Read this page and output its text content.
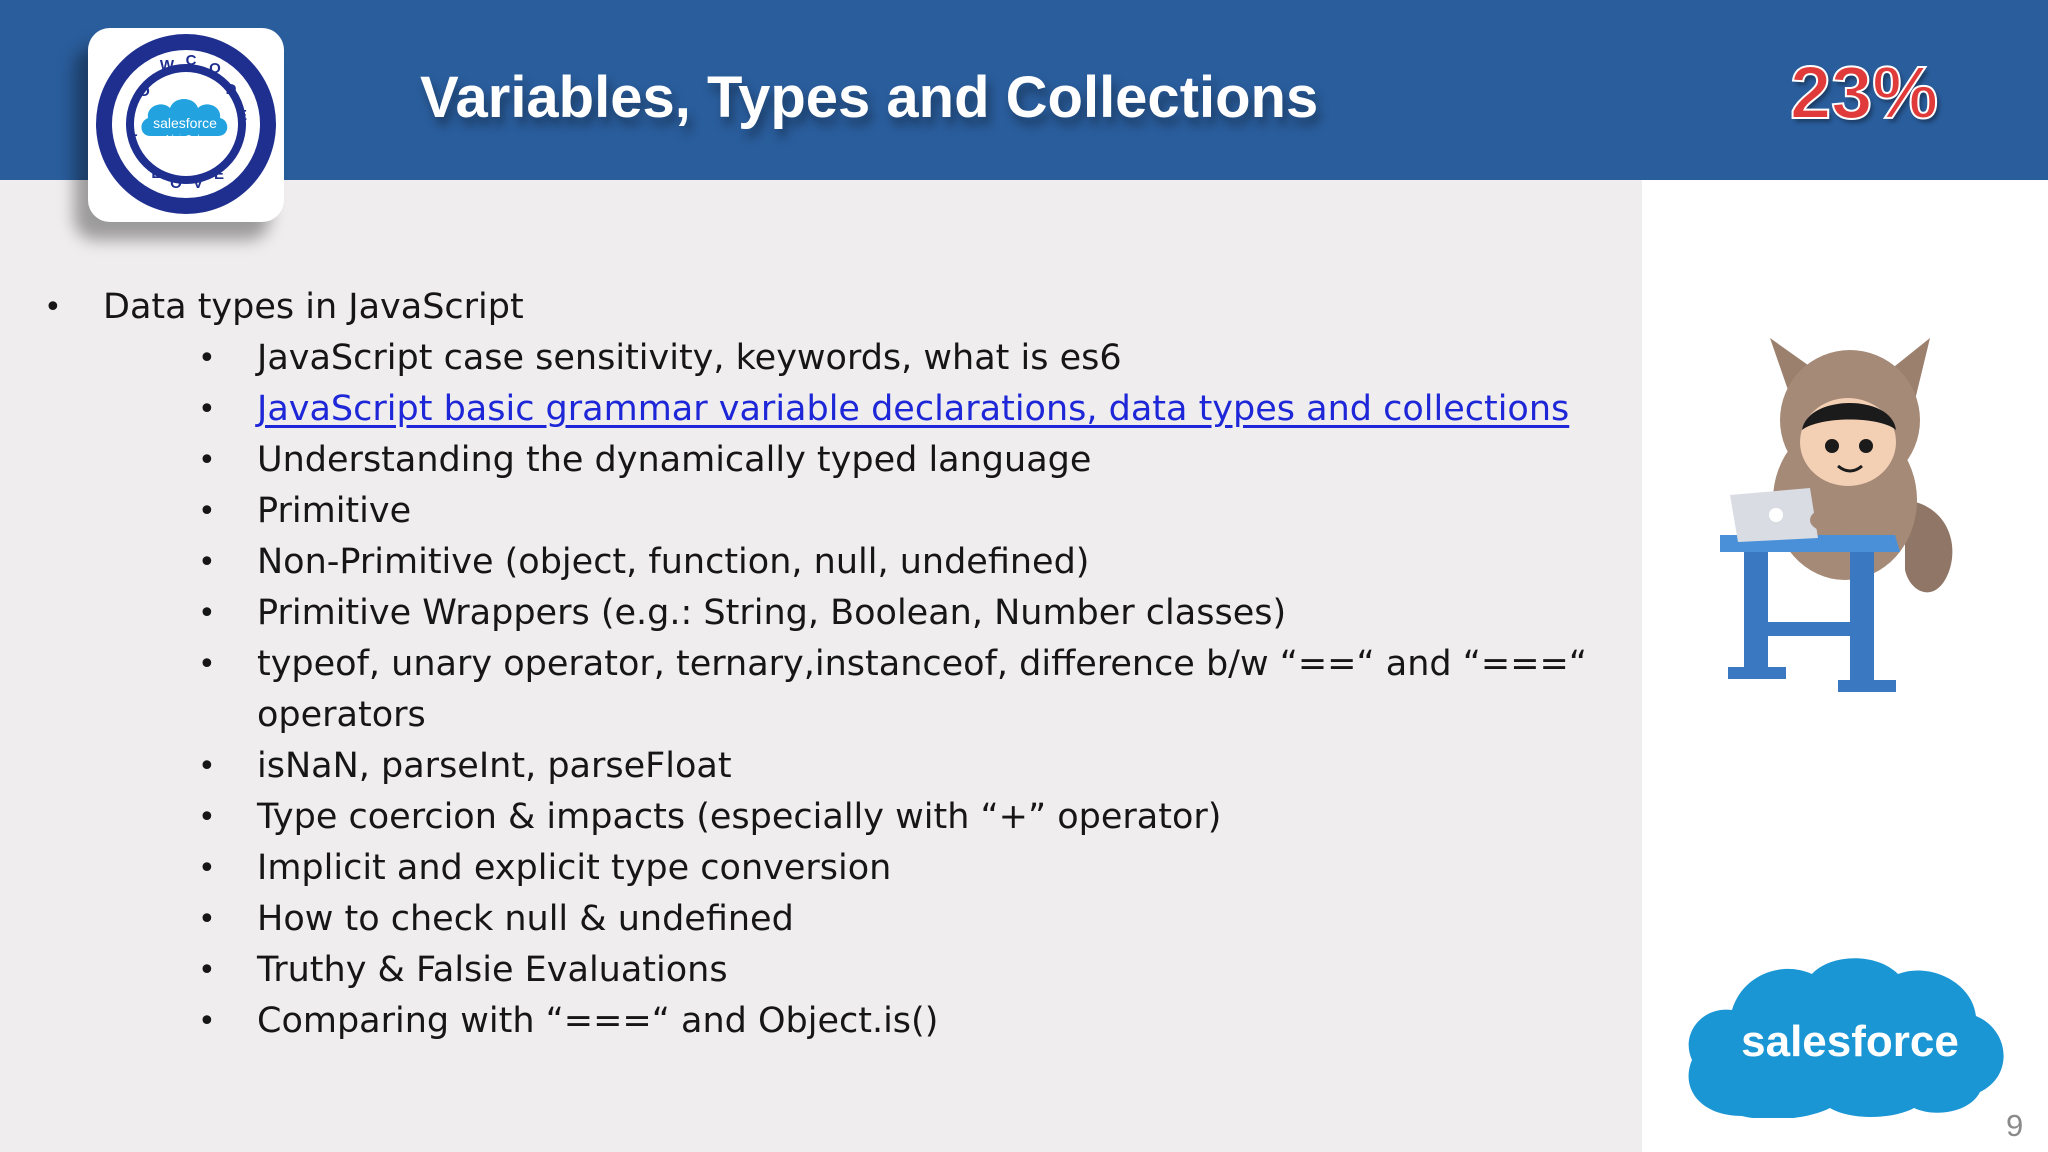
Variables, Types and Collections	23%
L
O
W C O
D
E
L
O V
E
salesforce
Admin Techy
• Data types in JavaScript
• JavaScript case sensitivity, keywords, what is es6
• JavaScript basic grammar variable declarations, data types and collections
• Understanding the dynamically typed language
• Primitive
• Non-Primitive (object, function, null, undefined)
• Primitive Wrappers (e.g.: String, Boolean, Number classes)
• typeof, unary operator, ternary,instanceof, difference b/w “==“ and “===“
operators
• isNaN, parseInt, parseFloat
• Type coercion & impacts (especially with “+” operator)
• Implicit and explicit type conversion
• How to check null & undefined
• Truthy & Falsie Evaluations
• Comparing with “===“ and Object.is()	salesforce
9
